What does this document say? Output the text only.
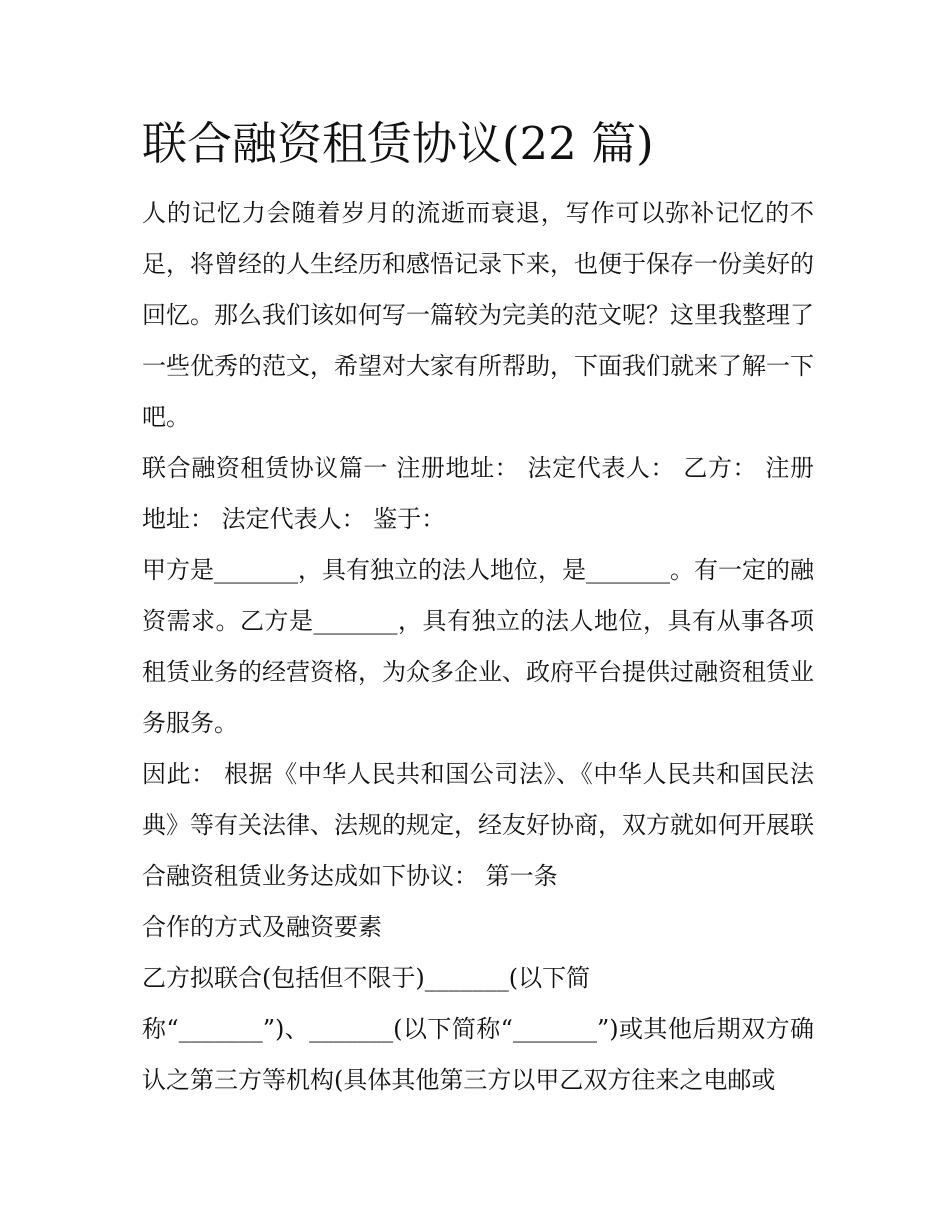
联合融资租赁协议(22 篇)

人的记忆力会随着岁月的流逝而衰退，写作可以弥补记忆的不足，将曾经的人生经历和感悟记录下来，也便于保存一份美好的回忆。那么我们该如何写一篇较为完美的范文呢？这里我整理了一些优秀的范文，希望对大家有所帮助，下面我们就来了解一下吧。

联合融资租赁协议篇一 注册地址： 法定代表人： 乙方： 注册地址： 法定代表人： 鉴于：

甲方是_______，具有独立的法人地位，是_______。有一定的融资需求。乙方是_______，具有独立的法人地位，具有从事各项租赁业务的经营资格，为众多企业、政府平台提供过融资租赁业务服务。

因此： 根据《中华人民共和国公司法》、《中华人民共和国民法典》等有关法律、法规的规定，经友好协商，双方就如何开展联合融资租赁业务达成如下协议： 第一条

合作的方式及融资要素

乙方拟联合(包括但不限于)_______(以下简

称“_______”)、_______(以下简称“_______”)或其他后期双方确认之第三方等机构(具体其他第三方以甲乙双方往来之电邮或
